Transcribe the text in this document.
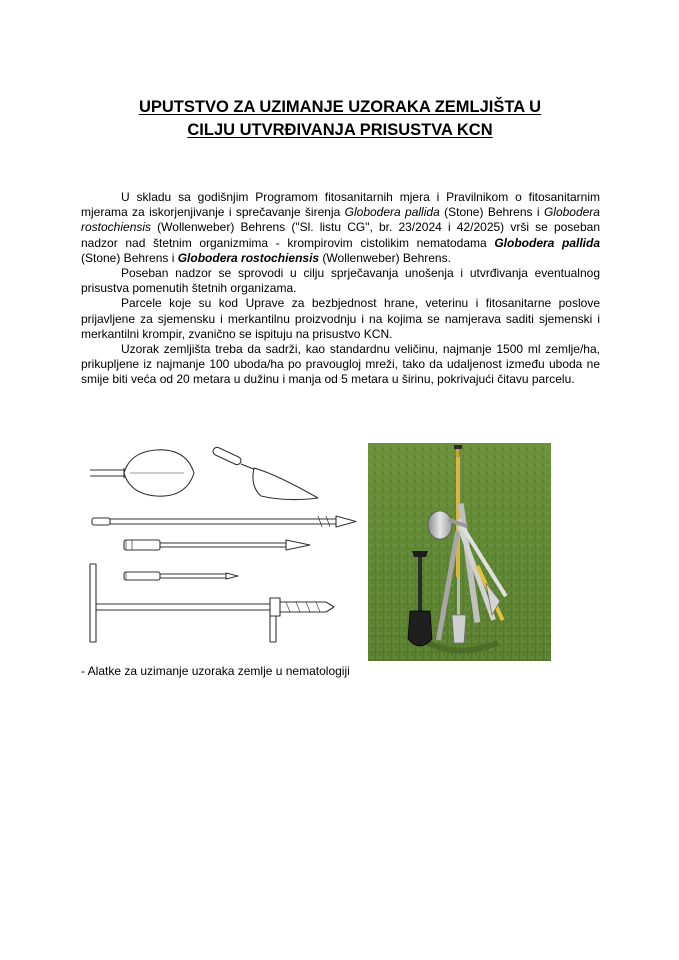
UPUTSTVO ZA UZIMANJE UZORAKA ZEMLJIŠTA U
CILJU UTVRĐIVANJA PRISUSTVA KCN

U skladu sa godišnjim Programom fitosanitarnih mjera i Pravilnikom o fitosanitarnim mjerama za iskorjenjivanje i sprečavanje širenja Globodera pallida (Stone) Behrens i Globodera rostochiensis (Wollenweber) Behrens ("Sl. listu CG", br. 23/2024 i 42/2025) vrši se poseban nadzor nad štetnim organizmima - krompirovim cistolikim nematodama Globodera pallida (Stone) Behrens i Globodera rostochiensis (Wollenweber) Behrens.

Poseban nadzor se sprovodi u cilju sprječavanja unošenja i utvrđivanja eventualnog prisustva pomenutih štetnih organizama.

Parcele koje su kod Uprave za bezbjednost hrane, veterinu i fitosanitarne poslove prijavljene za sjemensku i merkantilnu proizvodnju i na kojima se namjerava saditi sjemenski i merkantilni krompir, zvanično se ispituju na prisustvo KCN.

Uzorak zemljišta treba da sadrži, kao standardnu veličinu, najmanje 1500 ml zemlje/ha, prikupljene iz najmanje 100 uboda/ha po pravougloj mreži, tako da udaljenost između uboda ne smije biti veća od 20 metara u dužinu i manja od 5 metara u širinu, pokrivajući čitavu parcelu.

- Alatke za uzimanje uzoraka zemlje u nematologiji
